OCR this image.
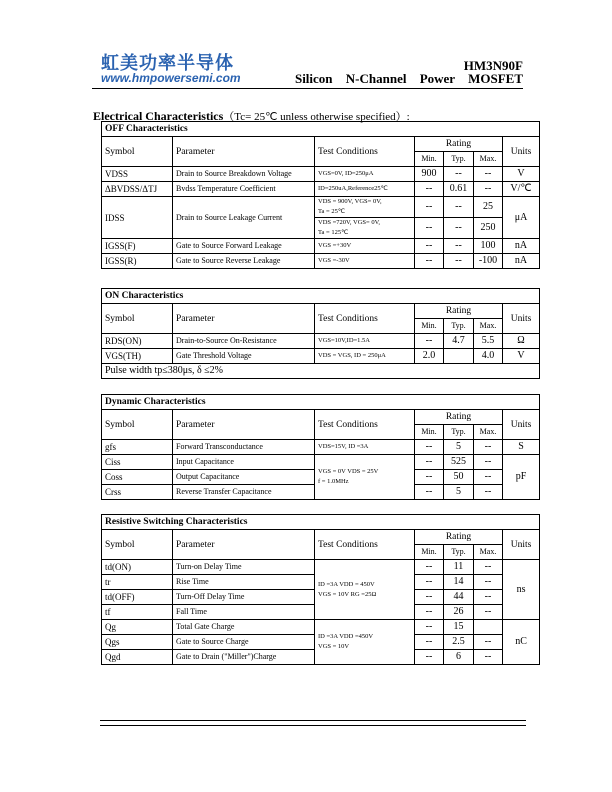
虹美功率半导体
www.hmpowersemi.com
HM3N90F
Silicon N-Channel Power MOSFET
Electrical Characteristics（Tc= 25℃ unless otherwise specified）:
OFF Characteristics						
Symbol	Parameter	Test Conditions	Rating			Units
			Min.	Typ.	Max.	
VDSS	Drain to Source Breakdown Voltage	VGS=0V, ID=250μA	900	--	--	V
ΔBVDSS/ΔTJ	Bvdss Temperature Coefficient	ID=250uA,Reference25℃	--	0.61	--	V/℃
IDSS	Drain to Source Leakage Current	VDS = 900V, VGS= 0V,
Ta = 25℃	--	--	25	μA
		VDS =720V, VGS= 0V,
Ta = 125℃	--	--	250	
IGSS(F)	Gate to Source Forward Leakage	VGS =+30V	--	--	100	nA
IGSS(R)	Gate to Source Reverse Leakage	VGS =-30V	--	--	-100	nA
ON Characteristics						
Symbol	Parameter	Test Conditions	Rating			Units
			Min.	Typ.	Max.	
RDS(ON)	Drain-to-Source On-Resistance	VGS=10V,ID=1.5A	--	4.7	5.5	Ω
VGS(TH)	Gate Threshold Voltage	VDS = VGS, ID = 250μA	2.0		4.0	V
Pulse width tp≤380μs, δ ≤2%						
Dynamic Characteristics						
Symbol	Parameter	Test Conditions	Rating			Units
			Min.	Typ.	Max.	
gfs	Forward Transconductance	VDS=15V, ID =3A	--	5	--	S
Ciss	Input Capacitance	VGS = 0V VDS = 25V
f = 1.0MHz	--	525	--	pF
Coss	Output Capacitance		--	50	--	
Crss	Reverse Transfer Capacitance		--	5	--	
Resistive Switching Characteristics						
Symbol	Parameter	Test Conditions	Rating			Units
			Min.	Typ.	Max.	
td(ON)	Turn-on Delay Time	ID =3A VDD = 450V
VGS = 10V RG =25Ω	--	11	--	ns
tr	Rise Time		--	14	--	
td(OFF)	Turn-Off Delay Time		--	44	--	
tf	Fall Time		--	26	--	
Qg	Total Gate Charge	ID =3A VDD =450V
VGS = 10V	--	15		nC
Qgs	Gate to Source Charge		--	2.5	--	
Qgd	Gate to Drain ("Miller")Charge		--	6	--	
